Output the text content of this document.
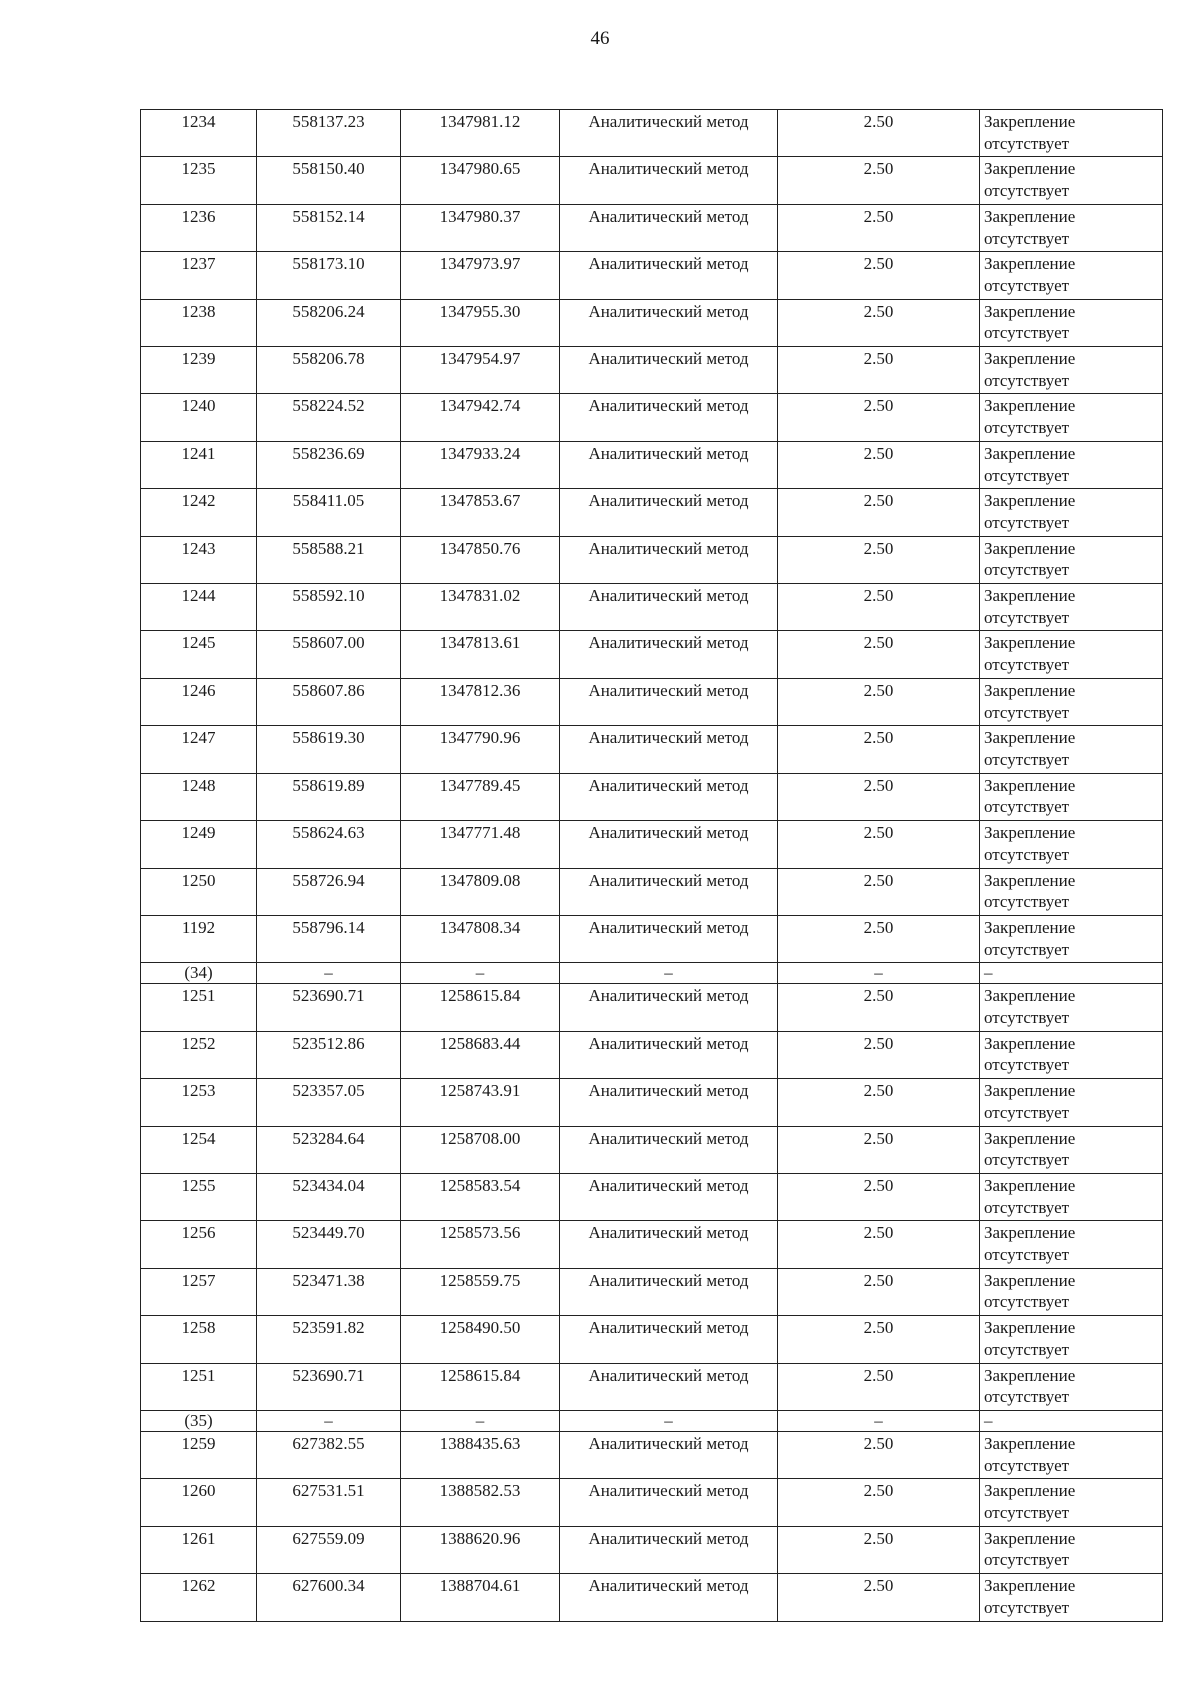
46
1234	558137.23	1347981.12	Аналитический метод	2.50	Закрепление отсутствует
1235	558150.40	1347980.65	Аналитический метод	2.50	Закрепление отсутствует
1236	558152.14	1347980.37	Аналитический метод	2.50	Закрепление отсутствует
1237	558173.10	1347973.97	Аналитический метод	2.50	Закрепление отсутствует
1238	558206.24	1347955.30	Аналитический метод	2.50	Закрепление отсутствует
1239	558206.78	1347954.97	Аналитический метод	2.50	Закрепление отсутствует
1240	558224.52	1347942.74	Аналитический метод	2.50	Закрепление отсутствует
1241	558236.69	1347933.24	Аналитический метод	2.50	Закрепление отсутствует
1242	558411.05	1347853.67	Аналитический метод	2.50	Закрепление отсутствует
1243	558588.21	1347850.76	Аналитический метод	2.50	Закрепление отсутствует
1244	558592.10	1347831.02	Аналитический метод	2.50	Закрепление отсутствует
1245	558607.00	1347813.61	Аналитический метод	2.50	Закрепление отсутствует
1246	558607.86	1347812.36	Аналитический метод	2.50	Закрепление отсутствует
1247	558619.30	1347790.96	Аналитический метод	2.50	Закрепление отсутствует
1248	558619.89	1347789.45	Аналитический метод	2.50	Закрепление отсутствует
1249	558624.63	1347771.48	Аналитический метод	2.50	Закрепление отсутствует
1250	558726.94	1347809.08	Аналитический метод	2.50	Закрепление отсутствует
1192	558796.14	1347808.34	Аналитический метод	2.50	Закрепление отсутствует
(34)	–	–	–	–	–
1251	523690.71	1258615.84	Аналитический метод	2.50	Закрепление отсутствует
1252	523512.86	1258683.44	Аналитический метод	2.50	Закрепление отсутствует
1253	523357.05	1258743.91	Аналитический метод	2.50	Закрепление отсутствует
1254	523284.64	1258708.00	Аналитический метод	2.50	Закрепление отсутствует
1255	523434.04	1258583.54	Аналитический метод	2.50	Закрепление отсутствует
1256	523449.70	1258573.56	Аналитический метод	2.50	Закрепление отсутствует
1257	523471.38	1258559.75	Аналитический метод	2.50	Закрепление отсутствует
1258	523591.82	1258490.50	Аналитический метод	2.50	Закрепление отсутствует
1251	523690.71	1258615.84	Аналитический метод	2.50	Закрепление отсутствует
(35)	–	–	–	–	–
1259	627382.55	1388435.63	Аналитический метод	2.50	Закрепление отсутствует
1260	627531.51	1388582.53	Аналитический метод	2.50	Закрепление отсутствует
1261	627559.09	1388620.96	Аналитический метод	2.50	Закрепление отсутствует
1262	627600.34	1388704.61	Аналитический метод	2.50	Закрепление отсутствует
